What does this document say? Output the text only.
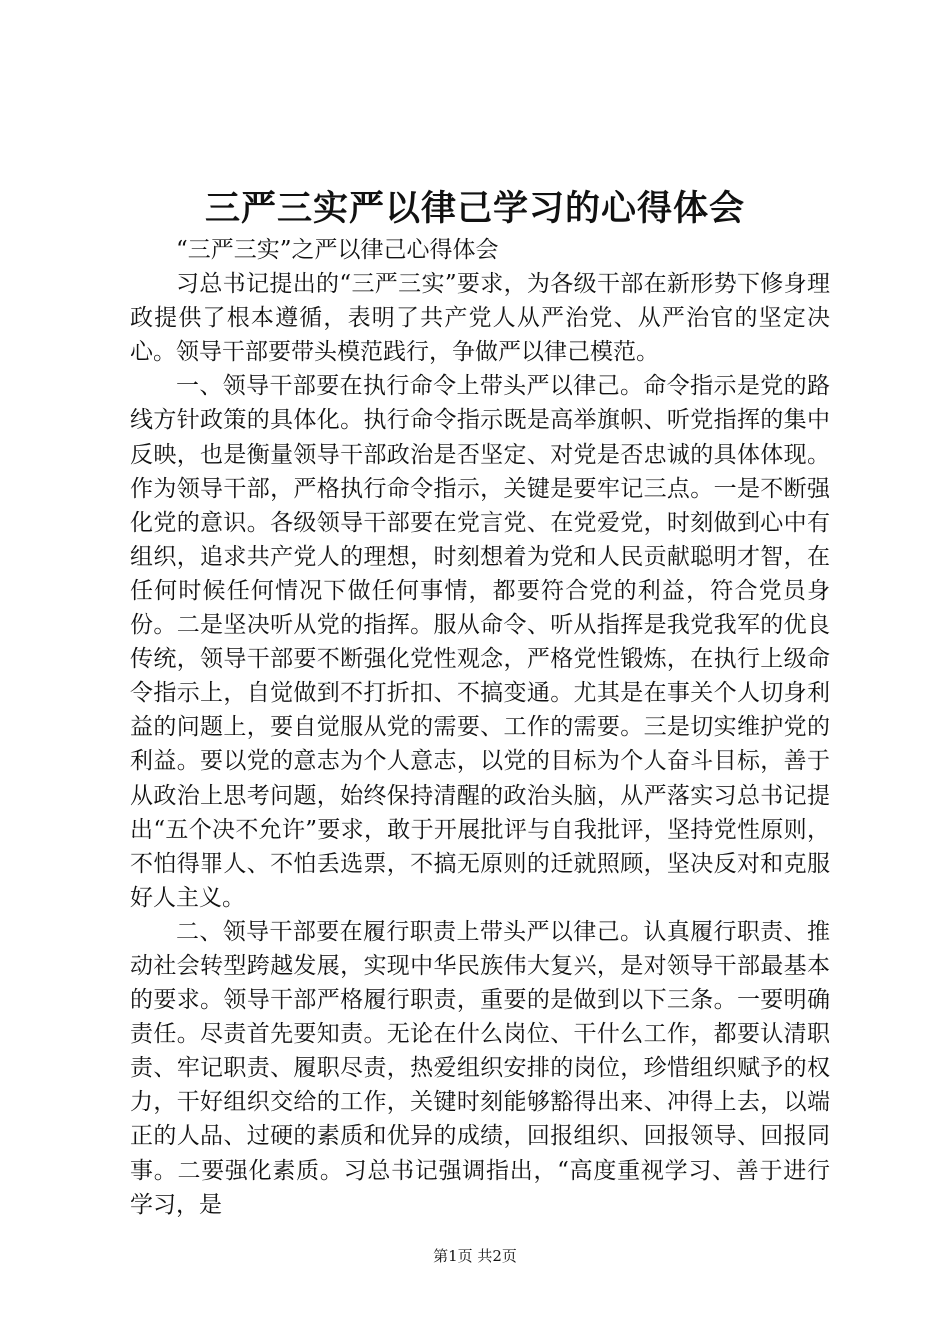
三严三实严以律己学习的心得体会

“三严三实”之严以律己心得体会

习总书记提出的“三严三实”要求，为各级干部在新形势下修身理政提供了根本遵循，表明了共产党人从严治党、从严治官的坚定决心。领导干部要带头模范践行，争做严以律己模范。

一、领导干部要在执行命令上带头严以律己。命令指示是党的路线方针政策的具体化。执行命令指示既是高举旗帜、听党指挥的集中反映，也是衡量领导干部政治是否坚定、对党是否忠诚的具体体现。作为领导干部，严格执行命令指示，关键是要牢记三点。一是不断强化党的意识。各级领导干部要在党言党、在党爱党，时刻做到心中有组织，追求共产党人的理想，时刻想着为党和人民贡献聪明才智，在任何时候任何情况下做任何事情，都要符合党的利益，符合党员身份。二是坚决听从党的指挥。服从命令、听从指挥是我党我军的优良传统，领导干部要不断强化党性观念，严格党性锻炼，在执行上级命令指示上，自觉做到不打折扣、不搞变通。尤其是在事关个人切身利益的问题上，要自觉服从党的需要、工作的需要。三是切实维护党的利益。要以党的意志为个人意志，以党的目标为个人奋斗目标，善于从政治上思考问题，始终保持清醒的政治头脑，从严落实习总书记提出“五个决不允许”要求，敢于开展批评与自我批评，坚持党性原则，不怕得罪人、不怕丢选票，不搞无原则的迁就照顾，坚决反对和克服好人主义。

二、领导干部要在履行职责上带头严以律己。认真履行职责、推动社会转型跨越发展，实现中华民族伟大复兴，是对领导干部最基本的要求。领导干部严格履行职责，重要的是做到以下三条。一要明确责任。尽责首先要知责。无论在什么岗位、干什么工作，都要认清职责、牢记职责、履职尽责，热爱组织安排的岗位，珍惜组织赋予的权力，干好组织交给的工作，关键时刻能够豁得出来、冲得上去，以端正的人品、过硬的素质和优异的成绩，回报组织、回报领导、回报同事。二要强化素质。习总书记强调指出，“高度重视学习、善于进行学习，是

第1页 共2页
